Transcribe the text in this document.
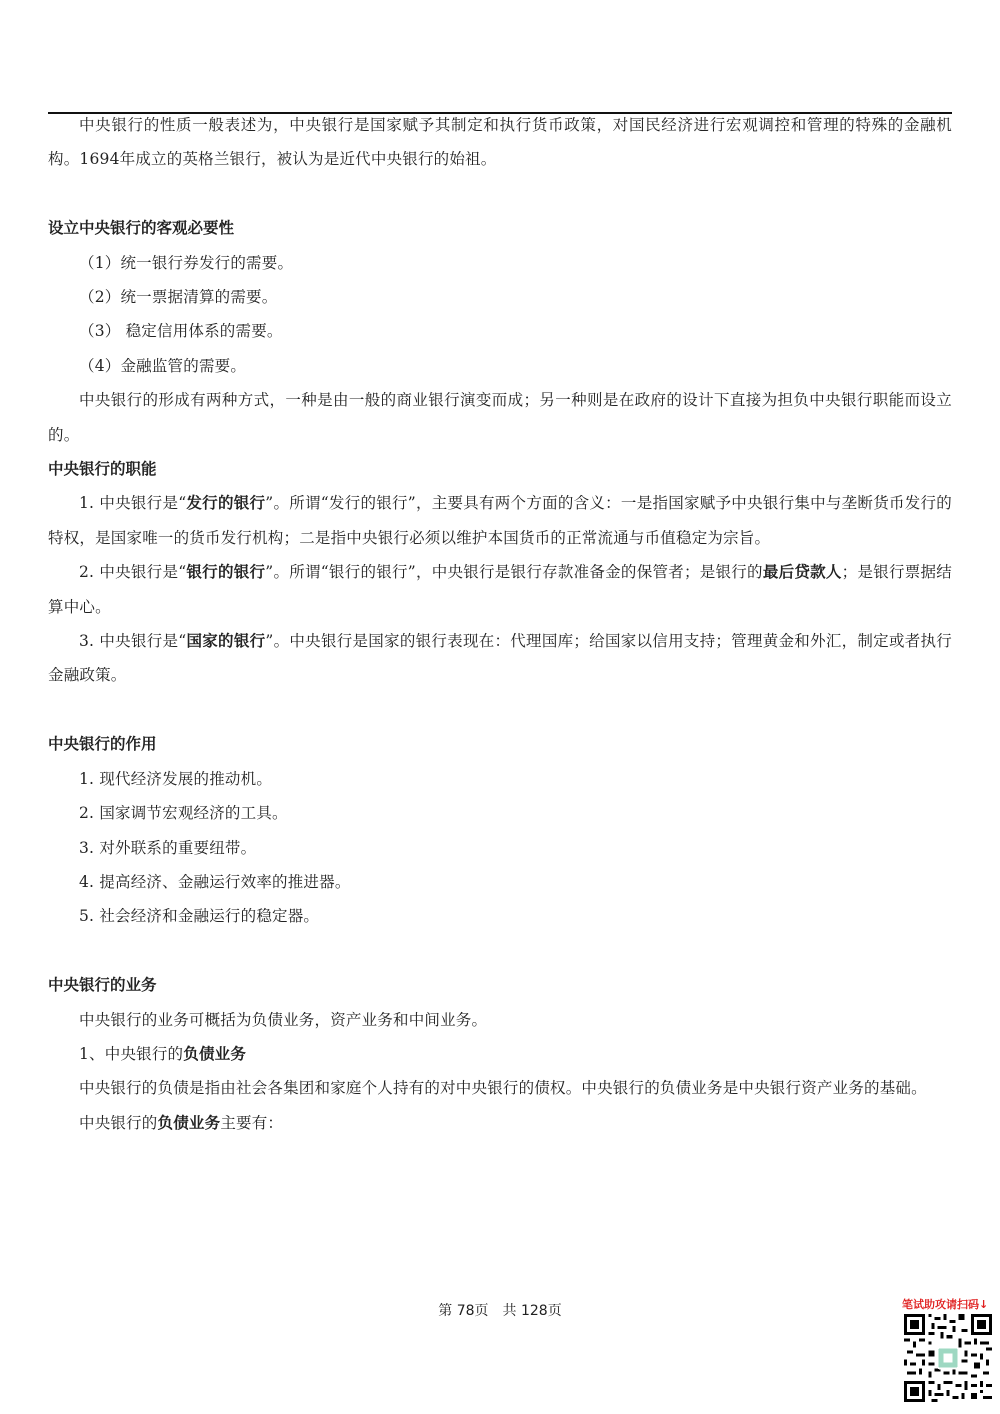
中央银行的性质一般表述为，中央银行是国家赋予其制定和执行货币政策，对国民经济进行宏观调控和管理的特殊的金融机构。1694年成立的英格兰银行，被认为是近代中央银行的始祖。

设立中央银行的客观必要性

（1）统一银行券发行的需要。

（2）统一票据清算的需要。

（3） 稳定信用体系的需要。

（4）金融监管的需要。

中央银行的形成有两种方式，一种是由一般的商业银行演变而成；另一种则是在政府的设计下直接为担负中央银行职能而设立的。

中央银行的职能

1. 中央银行是“发行的银行”。所谓“发行的银行”，主要具有两个方面的含义：一是指国家赋予中央银行集中与垄断货币发行的特权，是国家唯一的货币发行机构；二是指中央银行必须以维护本国货币的正常流通与币值稳定为宗旨。

2. 中央银行是“银行的银行”。所谓“银行的银行”，中央银行是银行存款准备金的保管者；是银行的最后贷款人；是银行票据结算中心。

3. 中央银行是“国家的银行”。中央银行是国家的银行表现在：代理国库；给国家以信用支持；管理黄金和外汇，制定或者执行金融政策。

中央银行的作用

1. 现代经济发展的推动机。

2. 国家调节宏观经济的工具。

3. 对外联系的重要纽带。

4. 提高经济、金融运行效率的推进器。

5. 社会经济和金融运行的稳定器。

中央银行的业务

中央银行的业务可概括为负债业务，资产业务和中间业务。

1、中央银行的负债业务

中央银行的负债是指由社会各集团和家庭个人持有的对中央银行的债权。中央银行的负债业务是中央银行资产业务的基础。

中央银行的负债业务主要有：

第 78页　共 128页	笔试助攻请扫码↓
